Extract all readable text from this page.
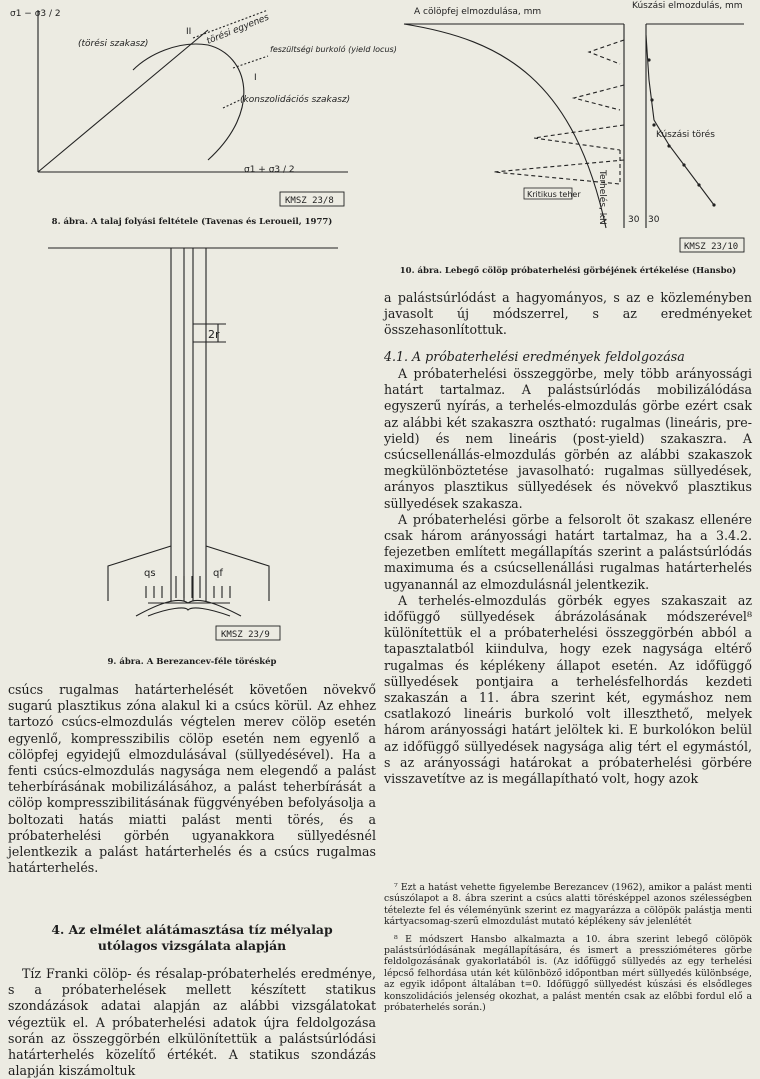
σ1 − σ3 / 2
σ1 + σ3 / 2
II
I
(törési szakasz)	törési egyenes
feszültségi burkoló (yield locus)
(konszolidációs szakasz)
KMSZ 23/8
8. ábra. A talaj folyási feltétele (Tavenas és Leroueil, 1977)
2r
qs	qf
KMSZ 23/9
9. ábra. A Berezancev-féle töréskép

csúcs rugalmas határterhelését követően növekvő sugarú plasztikus zóna alakul ki a csúcs körül. Az ehhez tartozó csúcs-elmozdulás végtelen merev cölöp esetén egyenlő, kompresszibilis cölöp esetén nem egyenlő a cölöpfej egyidejű elmozdulásával (süllyedésével). Ha a fenti csúcs-elmozdulás nagysága nem elegendő a palást teherbírásának mobilizálásához, a palást teherbírását a cölöp kompresszibilitásának függvényében befolyásolja a boltozati hatás miatti palást menti törés, és a próbaterhelési görbén ugyanakkora süllyedésnél jelentkezik a palást határterhelés és a csúcs rugalmas határterhelés.

4. Az elmélet alátámasztása tíz mélyalap
utólagos vizsgálata alapján

Tíz Franki cölöp- és résalap-próbaterhelés eredménye, s a próbaterhelések mellett készített statikus szondázások adatai alapján az alábbi vizsgálatokat végeztük el. A próbaterhelési adatok újra feldolgozása során az összeggörbén elkülönítettük a palástsúrlódási határterhelés közelítő értékét. A statikus szondázás alapján kiszámoltuk

A cölöpfej elmozdulása, mm
Kúszási elmozdulás, mm
Kúszási törés
Terhelés, kN
Kritikus teher
30 30
KMSZ 23/10
10. ábra. Lebegő cölöp próbaterhelési görbéjének értékelése (Hansbo)

a palástsúrlódást a hagyományos, s az e közleményben javasolt új módszerrel, s az eredményeket összehasonlítottuk.

4.1. A próbaterhelési eredmények feldolgozása

A próbaterhelési összeggörbe, mely több arányossági határt tartalmaz. A palástsúrlódás mobilizálódása egyszerű nyírás, a terhelés-elmozdulás görbe ezért csak az alábbi két szakaszra osztható: rugalmas (lineáris, pre-yield) és nem lineáris (post-yield) szakaszra. A csúcsellenállás-elmozdulás görbén az alábbi szakaszok megkülönböztetése javasolható: rugalmas süllyedések, arányos plasztikus süllyedések és növekvő plasztikus süllyedések szakasza.

A próbaterhelési görbe a felsorolt öt szakasz ellenére csak három arányossági határt tartalmaz, ha a 3.4.2. fejezetben említett megállapítás szerint a palástsúrlódás maximuma és a csúcsellenállási rugalmas határterhelés ugyanannál az elmozdulásnál jelentkezik.

A terhelés-elmozdulás görbék egyes szakaszait az időfüggő süllyedések ábrázolásának módszerével⁸ különítettük el a próbaterhelési összeggörbén abból a tapasztalatból kiindulva, hogy ezek nagysága eltérő rugalmas és képlékeny állapot esetén. Az időfüggő süllyedések pontjaira a terhelésfelhordás kezdeti szakaszán a 11. ábra szerint két, egymáshoz nem csatlakozó lineáris burkoló volt illeszthető, melyek három arányossági határt jelöltek ki. E burkolókon belül az időfüggő süllyedések nagysága alig tért el egymástól, s az arányossági határokat a próbaterhelési görbére visszavetítve az is megállapítható volt, hogy azok

⁷ Ezt a hatást vehette figyelembe Berezancev (1962), amikor a palást menti csúszólapot a 8. ábra szerint a csúcs alatti törésképpel azonos szélességben tételezte fel és véleményünk szerint ez magyarázza a cölöpök palástja menti kártyacsomag-szerű elmozdulást mutató képlékeny sáv jelenlétét

⁸ E módszert Hansbo alkalmazta a 10. ábra szerint lebegő cölöpök palástsúrlódásának megállapítására, és ismert a presszióméteres görbe feldolgozásának gyakorlatából is. (Az időfüggő süllyedés az egy terhelési lépcső felhordása után két különböző időpontban mért süllyedés különbsége, az egyik időpont általában t=0. Időfüggő süllyedést kúszási és elsődleges konszolidációs jelenség okozhat, a palást mentén csak az előbbi fordul elő a próbaterhelés során.)
